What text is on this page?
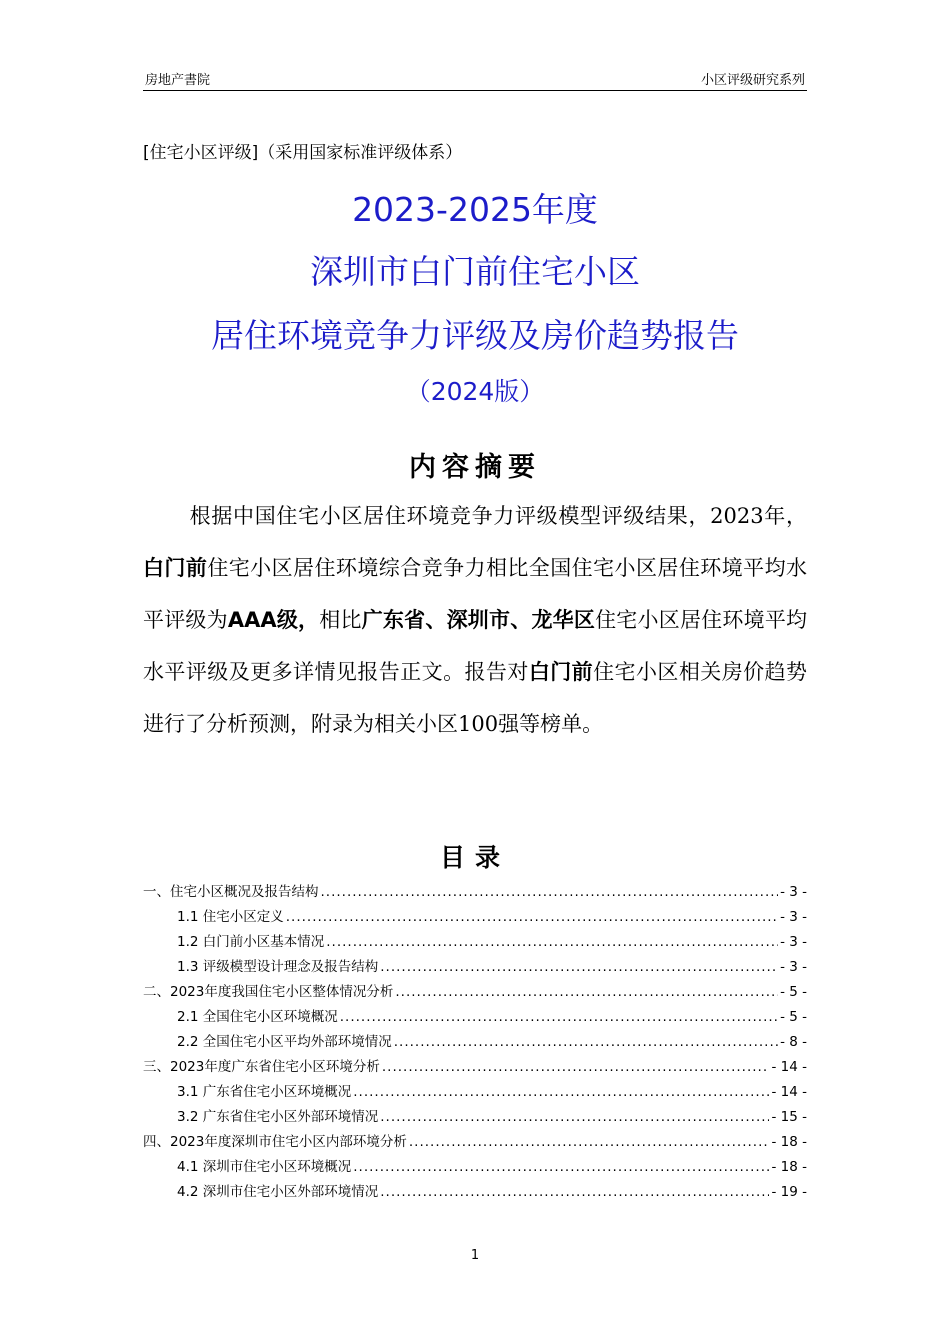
房地产書院	小区评级研究系列
[住宅小区评级]（采用国家标准评级体系）
2023-2025年度
深圳市白门前住宅小区
居住环境竞争力评级及房价趋势报告
（2024版）
内容摘要
根据中国住宅小区居住环境竞争力评级模型评级结果，2023年，白门前住宅小区居住环境综合竞争力相比全国住宅小区居住环境平均水平评级为AAA级，相比广东省、深圳市、龙华区住宅小区居住环境平均水平评级及更多详情见报告正文。报告对白门前住宅小区相关房价趋势进行了分析预测，附录为相关小区100强等榜单。
目录
一、住宅小区概况及报告结构 .....	- 3 -
1.1 住宅小区定义 .....	- 3 -
1.2 白门前小区基本情况 .....	- 3 -
1.3 评级模型设计理念及报告结构 .....	- 3 -
二、2023年度我国住宅小区整体情况分析 .....	- 5 -
2.1 全国住宅小区环境概况 .....	- 5 -
2.2 全国住宅小区平均外部环境情况 .....	- 8 -
三、2023年度广东省住宅小区环境分析 .....	- 14 -
3.1 广东省住宅小区环境概况 .....	- 14 -
3.2 广东省住宅小区外部环境情况 .....	- 15 -
四、2023年度深圳市住宅小区内部环境分析 .....	- 18 -
4.1 深圳市住宅小区环境概况 .....	- 18 -
4.2 深圳市住宅小区外部环境情况 .....	- 19 -
1
